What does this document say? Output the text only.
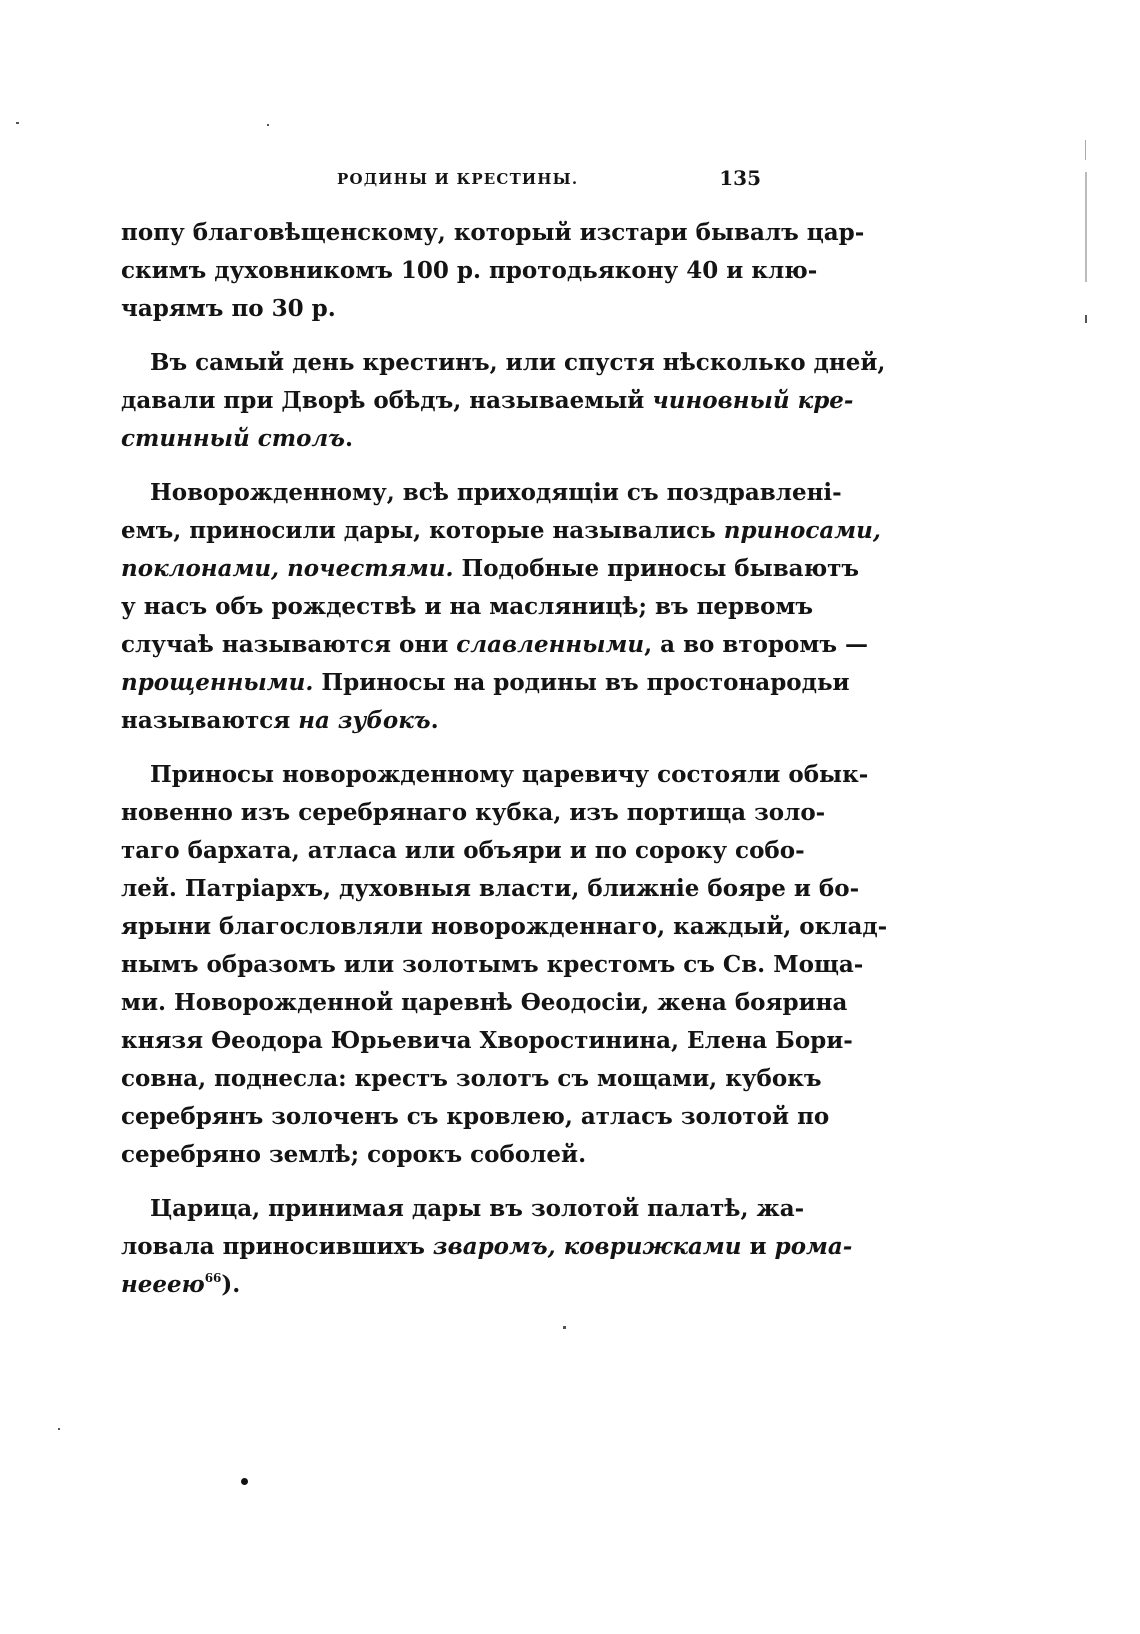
РОДИНЫ И КРЕСТИНЫ.	135
попу благовѣщенскому, который изстари бывалъ цар-
скимъ духовникомъ 100 р. протодьякону 40 и клю-
чарямъ по 30 р.
Въ самый день крестинъ, или спустя нѣсколько дней,
давали при Дворѣ обѣдъ, называемый чиновный кре-
стинный столъ.
Новорожденному, всѣ приходящіи съ поздравленi-
емъ, приносили дары, которые назывались приносами,
поклонами, почестями. Подобные приносы бываютъ
у насъ объ рождествѣ и на масляницѣ; въ первомъ
случаѣ называются они славленными, а во второмъ —
прощенными. Приносы на родины въ простонародьи
называются на зубокъ.
Приносы новорожденному царевичу состояли обык-
новенно изъ серебрянаго кубка, изъ портища золо-
таго бархата, атласа или объяри и по сороку собо-
лей. Патріархъ, духовныя власти, ближнiе бояре и бо-
ярыни благословляли новорожденнаго, каждый, оклад-
нымъ образомъ или золотымъ крестомъ съ Св. Моща-
ми. Новорожденной царевнѣ Ѳеодосіи, жена боярина
князя Ѳеодора Юрьевича Хворостинина, Елена Бори-
совна, поднесла: крестъ золотъ съ мощами, кубокъ
серебрянъ золоченъ съ кровлею, атласъ золотой по
серебряно землѣ; сорокъ соболей.
Царица, принимая дары въ золотой палатѣ, жа-
ловала приносившихъ зваромъ, коврижками и рома-
нееею$^{66}$).
